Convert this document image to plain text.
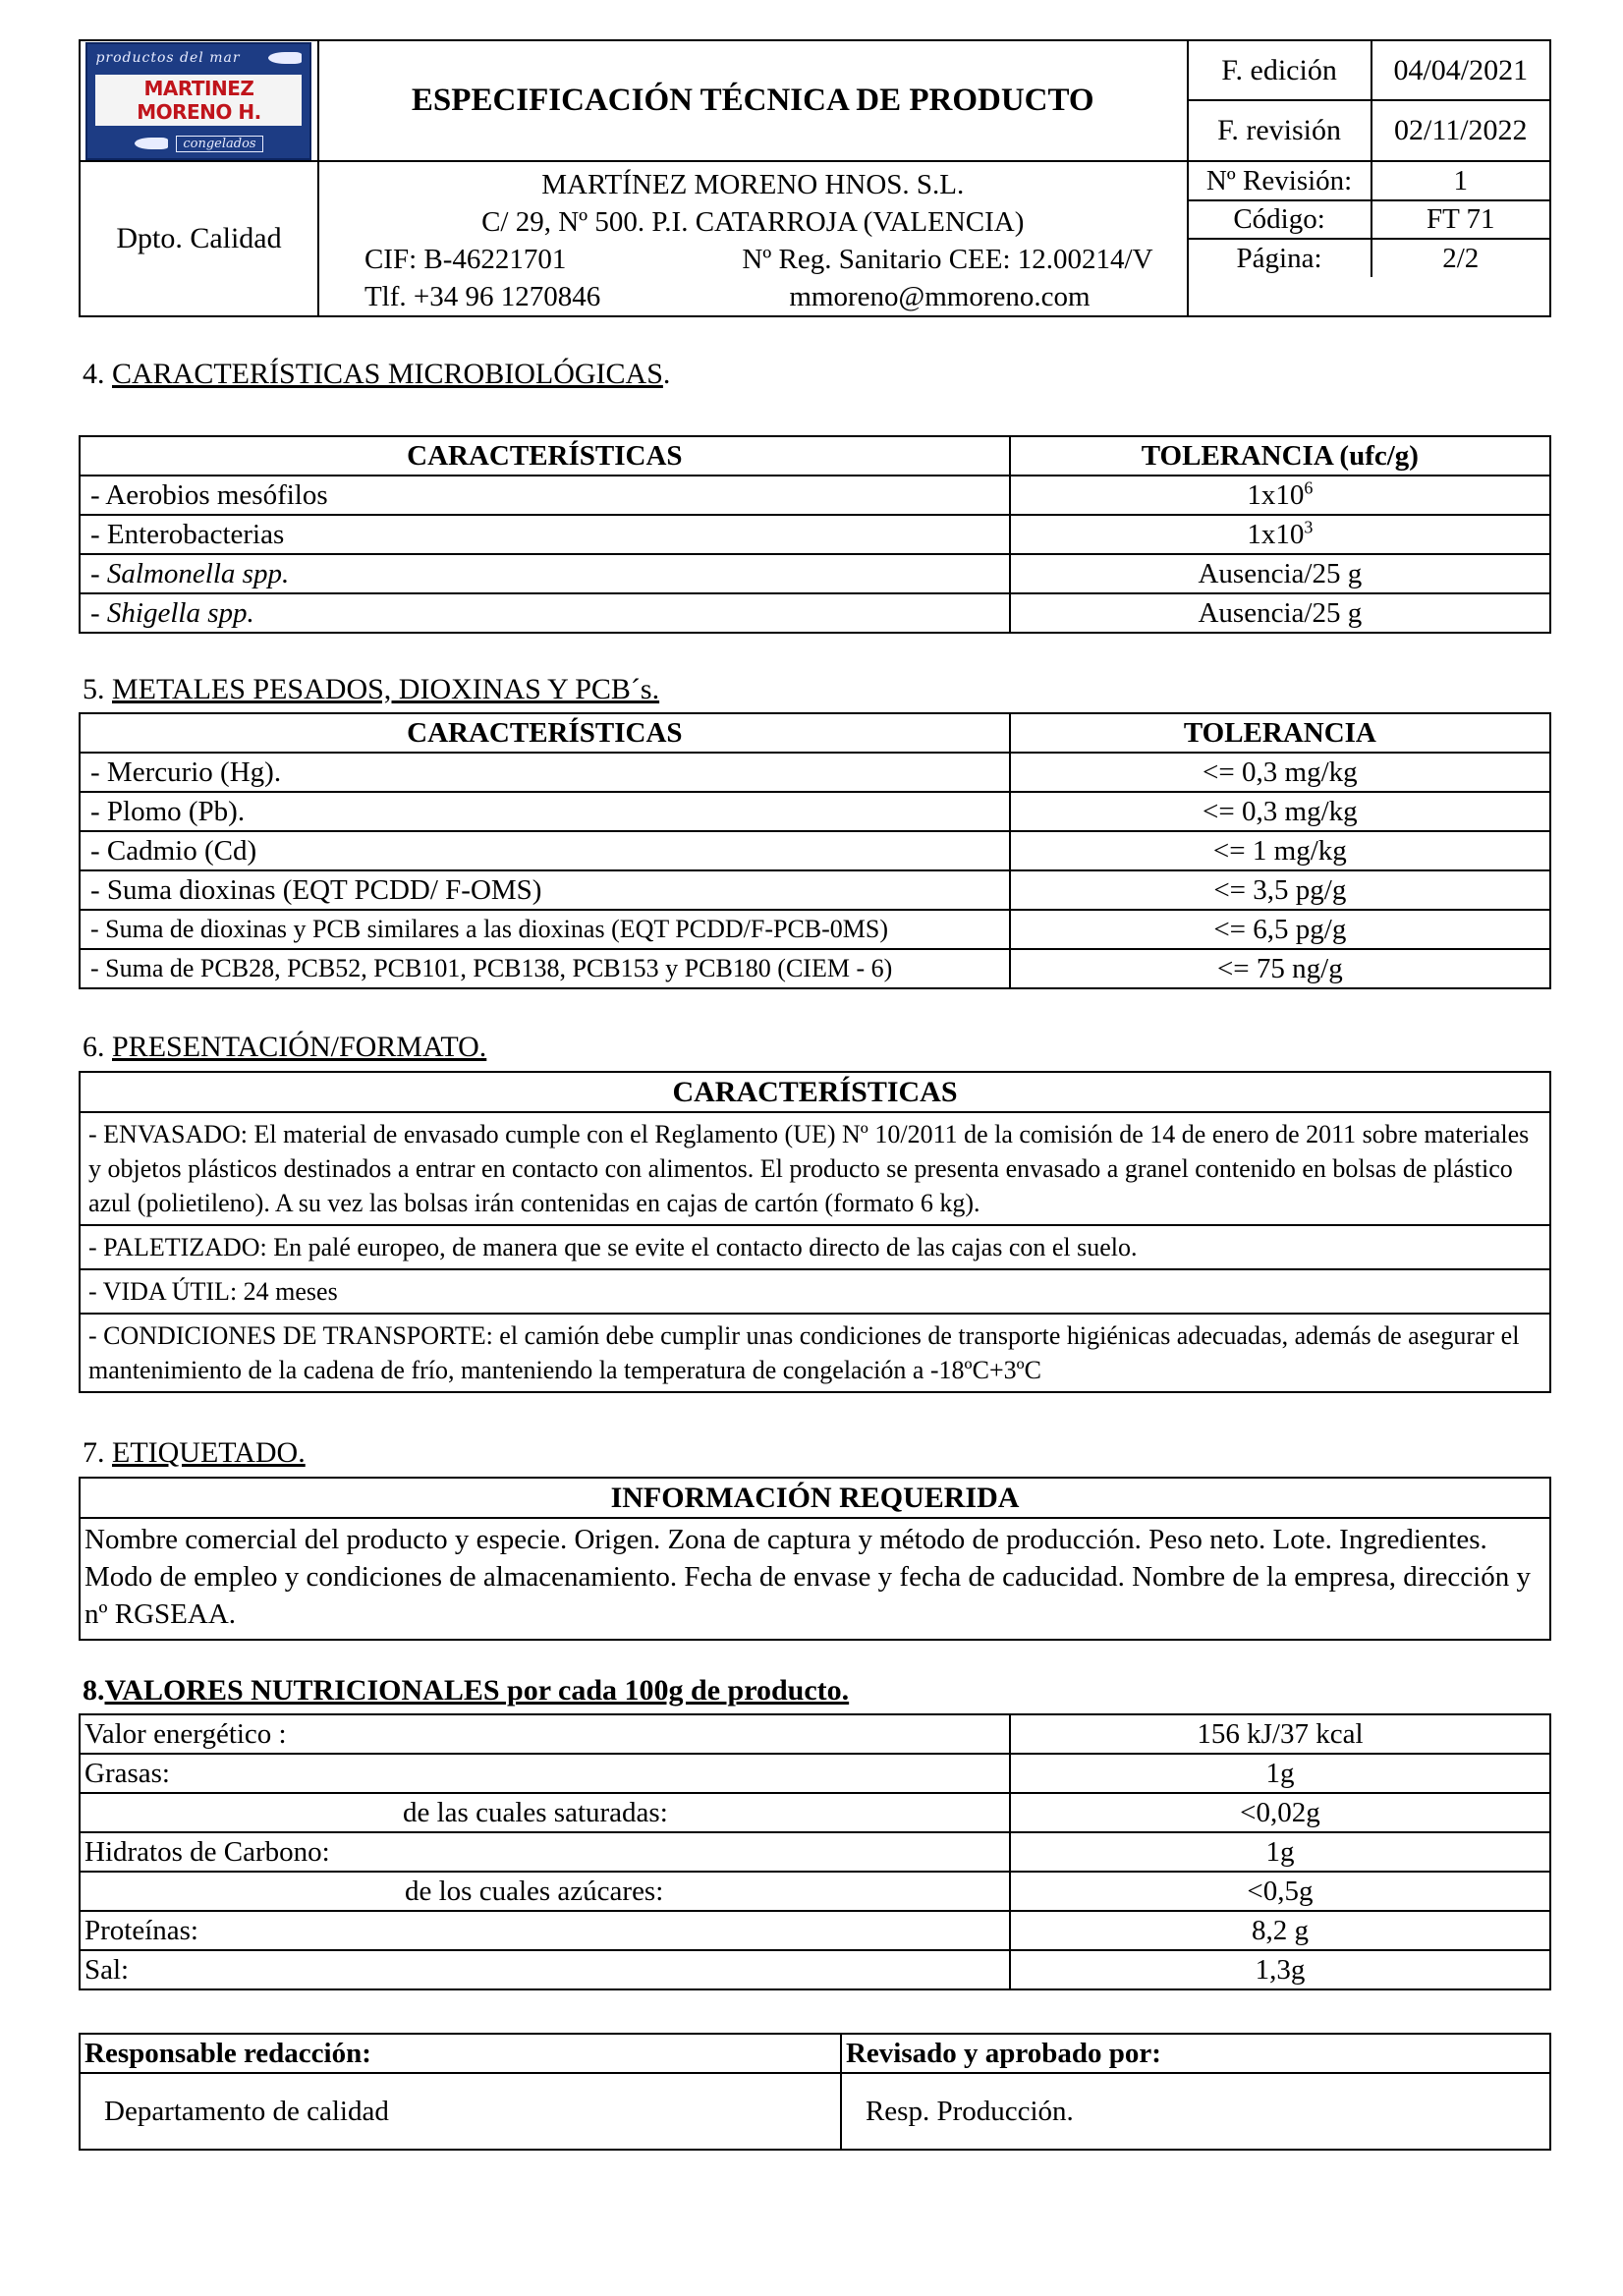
productos del mar
MARTINEZ MORENO H.
congelados
	ESPECIFICACIÓN TÉCNICA DE PRODUCTO	
F. edición	04/04/2021
F. revisión	02/11/2022

Dpto. Calidad	
MARTÍNEZ MORENO HNOS. S.L.
C/ 29, Nº 500. P.I. CATARROJA (VALENCIA)
CIF: B-46221701	Nº Reg. Sanitario CEE: 12.00214/V
Tlf. +34 96 1270846	mmoreno@mmoreno.com

Nº Revisión:	1
Código:	FT 71
Página:	2/2
4. CARACTERÍSTICAS MICROBIOLÓGICAS.
CARACTERÍSTICAS	TOLERANCIA (ufc/g)
- Aerobios mesófilos	$1x10^6$
- Enterobacterias	$1x10^3$
- Salmonella spp.	Ausencia/25 g
- Shigella spp.	Ausencia/25 g
5. METALES PESADOS, DIOXINAS Y PCB´s.
CARACTERÍSTICAS	TOLERANCIA
- Mercurio (Hg).	<= 0,3 mg/kg
- Plomo (Pb).	<= 0,3 mg/kg
- Cadmio (Cd)	<= 1 mg/kg
- Suma dioxinas (EQT PCDD/ F-OMS)	<= 3,5 pg/g
- Suma de dioxinas y PCB similares a las dioxinas (EQT PCDD/F-PCB-0MS)	<= 6,5 pg/g
- Suma de PCB28, PCB52, PCB101, PCB138, PCB153 y PCB180 (CIEM - 6)	<= 75 ng/g
6. PRESENTACIÓN/FORMATO.
CARACTERÍSTICAS
- ENVASADO: El material de envasado cumple con el Reglamento (UE) Nº 10/2011 de la comisión de 14 de enero de 2011 sobre materiales y objetos plásticos destinados a entrar en contacto con alimentos. El producto se presenta envasado a granel contenido en bolsas de plástico azul (polietileno). A su vez las bolsas irán contenidas en cajas de cartón (formato 6 kg).
- PALETIZADO: En palé europeo, de manera que se evite el contacto directo de las cajas con el suelo.
- VIDA ÚTIL: 24 meses
- CONDICIONES DE TRANSPORTE: el camión debe cumplir unas condiciones de transporte higiénicas adecuadas, además de asegurar el mantenimiento de la cadena de frío, manteniendo la temperatura de congelación a -18ºC+3ºC
7. ETIQUETADO.
INFORMACIÓN REQUERIDA
Nombre comercial del producto y especie. Origen. Zona de captura y método de producción. Peso neto. Lote. Ingredientes. Modo de empleo y condiciones de almacenamiento. Fecha de envase y fecha de caducidad. Nombre de la empresa, dirección y nº RGSEAA.
8.VALORES NUTRICIONALES por cada 100g de producto.
Valor energético :	156 kJ/37 kcal
Grasas:	1g
de las cuales saturadas:	<0,02g
Hidratos de Carbono:	1g
de los cuales azúcares:	<0,5g
Proteínas:	8,2 g
Sal:	1,3g
Responsable redacción:	Revisado y aprobado por:
Departamento de calidad	Resp. Producción.
